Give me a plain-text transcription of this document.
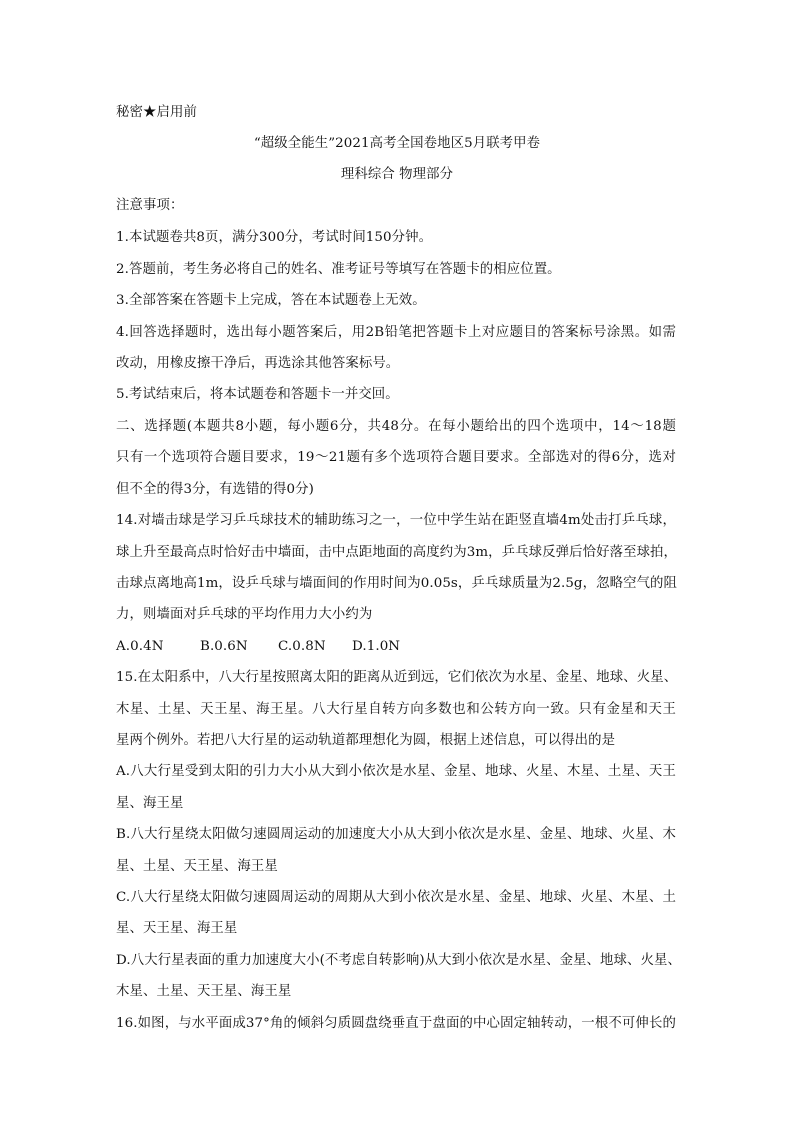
秘密★启用前
“超级全能生”2021高考全国卷地区5月联考甲卷
理科综合 物理部分
注意事项：
1.本试题卷共8页，满分300分，考试时间150分钟。
2.答题前，考生务必将自己的姓名、准考证号等填写在答题卡的相应位置。
3.全部答案在答题卡上完成，答在本试题卷上无效。
4.回答选择题时，选出每小题答案后，用2B铅笔把答题卡上对应题目的答案标号涂黑。如需
改动，用橡皮擦干净后，再选涂其他答案标号。
5.考试结束后，将本试题卷和答题卡一并交回。
二、选择题(本题共8小题，每小题6分，共48分。在每小题给出的四个选项中，14～18题
只有一个选项符合题目要求，19～21题有多个选项符合题目要求。全部选对的得6分，选对
但不全的得3分，有选错的得0分)
14.对墙击球是学习乒乓球技术的辅助练习之一，一位中学生站在距竖直墙4m处击打乒乓球，
球上升至最高点时恰好击中墙面，击中点距地面的高度约为3m，乒乓球反弹后恰好落至球拍，
击球点离地高1m，设乒乓球与墙面间的作用时间为0.05s，乒乓球质量为2.5g，忽略空气的阻
力，则墙面对乒乓球的平均作用力大小约为
A.0.4N	B.0.6N C.0.8N D.1.0N
15.在太阳系中，八大行星按照离太阳的距离从近到远，它们依次为水星、金星、地球、火星、
木星、土星、天王星、海王星。八大行星自转方向多数也和公转方向一致。只有金星和天王
星两个例外。若把八大行星的运动轨道都理想化为圆，根据上述信息，可以得出的是
A.八大行星受到太阳的引力大小从大到小依次是水星、金星、地球、火星、木星、土星、天王
星、海王星
B.八大行星绕太阳做匀速圆周运动的加速度大小从大到小依次是水星、金星、地球、火星、木
星、土星、天王星、海王星
C.八大行星绕太阳做匀速圆周运动的周期从大到小依次是水星、金星、地球、火星、木星、土
星、天王星、海王星
D.八大行星表面的重力加速度大小(不考虑自转影响)从大到小依次是水星、金星、地球、火星、
木星、土星、天王星、海王星
16.如图，与水平面成37°角的倾斜匀质圆盘绕垂直于盘面的中心固定轴转动，一根不可伸长的
